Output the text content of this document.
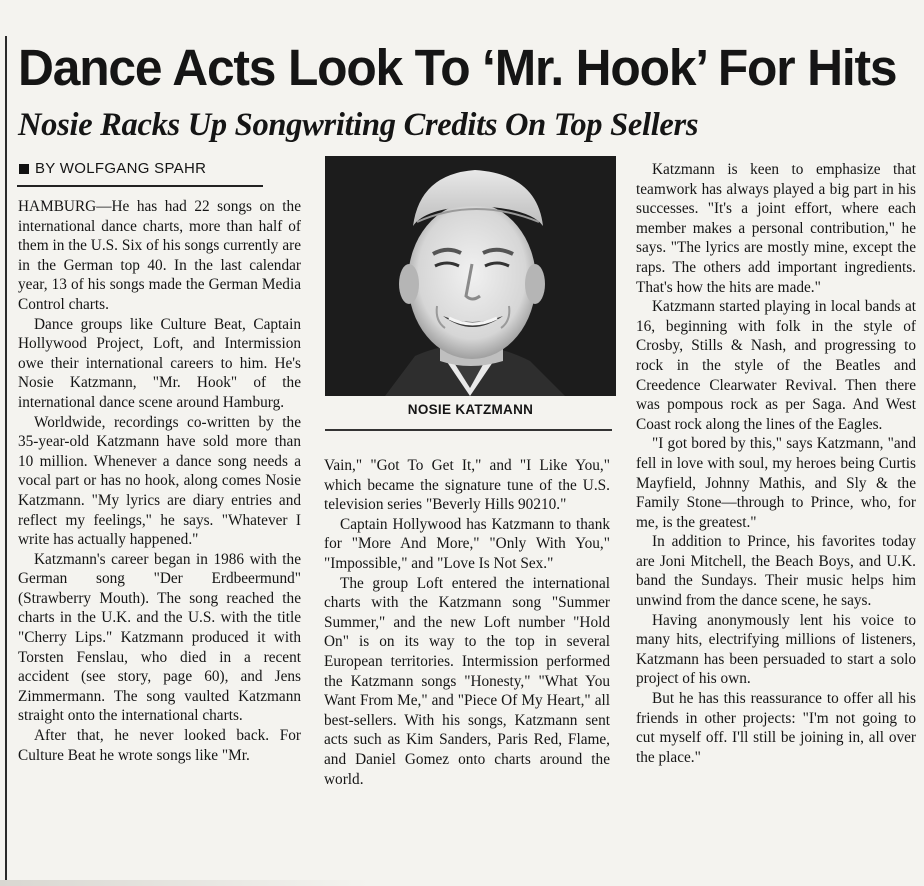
Dance Acts Look To ‘Mr. Hook’ For Hits
Nosie Racks Up Songwriting Credits On Top Sellers
BY WOLFGANG SPAHR

HAMBURG—He has had 22 songs on the international dance charts, more than half of them in the U.S. Six of his songs currently are in the German top 40. In the last calendar year, 13 of his songs made the German Media Control charts.

Dance groups like Culture Beat, Captain Hollywood Project, Loft, and Intermission owe their international careers to him. He's Nosie Katzmann, "Mr. Hook" of the international dance scene around Hamburg.

Worldwide, recordings co-written by the 35-year-old Katzmann have sold more than 10 million. Whenever a dance song needs a vocal part or has no hook, along comes Nosie Katzmann. "My lyrics are diary entries and reflect my feelings," he says. "Whatever I write has actually happened."

Katzmann's career began in 1986 with the German song "Der Erdbeermund" (Strawberry Mouth). The song reached the charts in the U.K. and the U.S. with the title "Cherry Lips." Katzmann produced it with Torsten Fenslau, who died in a recent accident (see story, page 60), and Jens Zimmermann. The song vaulted Katzmann straight onto the international charts.

After that, he never looked back. For Culture Beat he wrote songs like "Mr.

NOSIE KATZMANN

Vain," "Got To Get It," and "I Like You," which became the signature tune of the U.S. television series "Beverly Hills 90210."

Captain Hollywood has Katzmann to thank for "More And More," "Only With You," "Impossible," and "Love Is Not Sex."

The group Loft entered the international charts with the Katzmann song "Summer Summer," and the new Loft number "Hold On" is on its way to the top in several European territories. Intermission performed the Katzmann songs "Honesty," "What You Want From Me," and "Piece Of My Heart," all best-sellers. With his songs, Katzmann sent acts such as Kim Sanders, Paris Red, Flame, and Daniel Gomez onto charts around the world.

Katzmann is keen to emphasize that teamwork has always played a big part in his successes. "It's a joint effort, where each member makes a personal contribution," he says. "The lyrics are mostly mine, except the raps. The others add important ingredients. That's how the hits are made."

Katzmann started playing in local bands at 16, beginning with folk in the style of Crosby, Stills & Nash, and progressing to rock in the style of the Beatles and Creedence Clearwater Revival. Then there was pompous rock as per Saga. And West Coast rock along the lines of the Eagles.

"I got bored by this," says Katzmann, "and fell in love with soul, my heroes being Curtis Mayfield, Johnny Mathis, and Sly & the Family Stone—through to Prince, who, for me, is the greatest."

In addition to Prince, his favorites today are Joni Mitchell, the Beach Boys, and U.K. band the Sundays. Their music helps him unwind from the dance scene, he says.

Having anonymously lent his voice to many hits, electrifying millions of listeners, Katzmann has been persuaded to start a solo project of his own.

But he has this reassurance to offer all his friends in other projects: "I'm not going to cut myself off. I'll still be joining in, all over the place."
